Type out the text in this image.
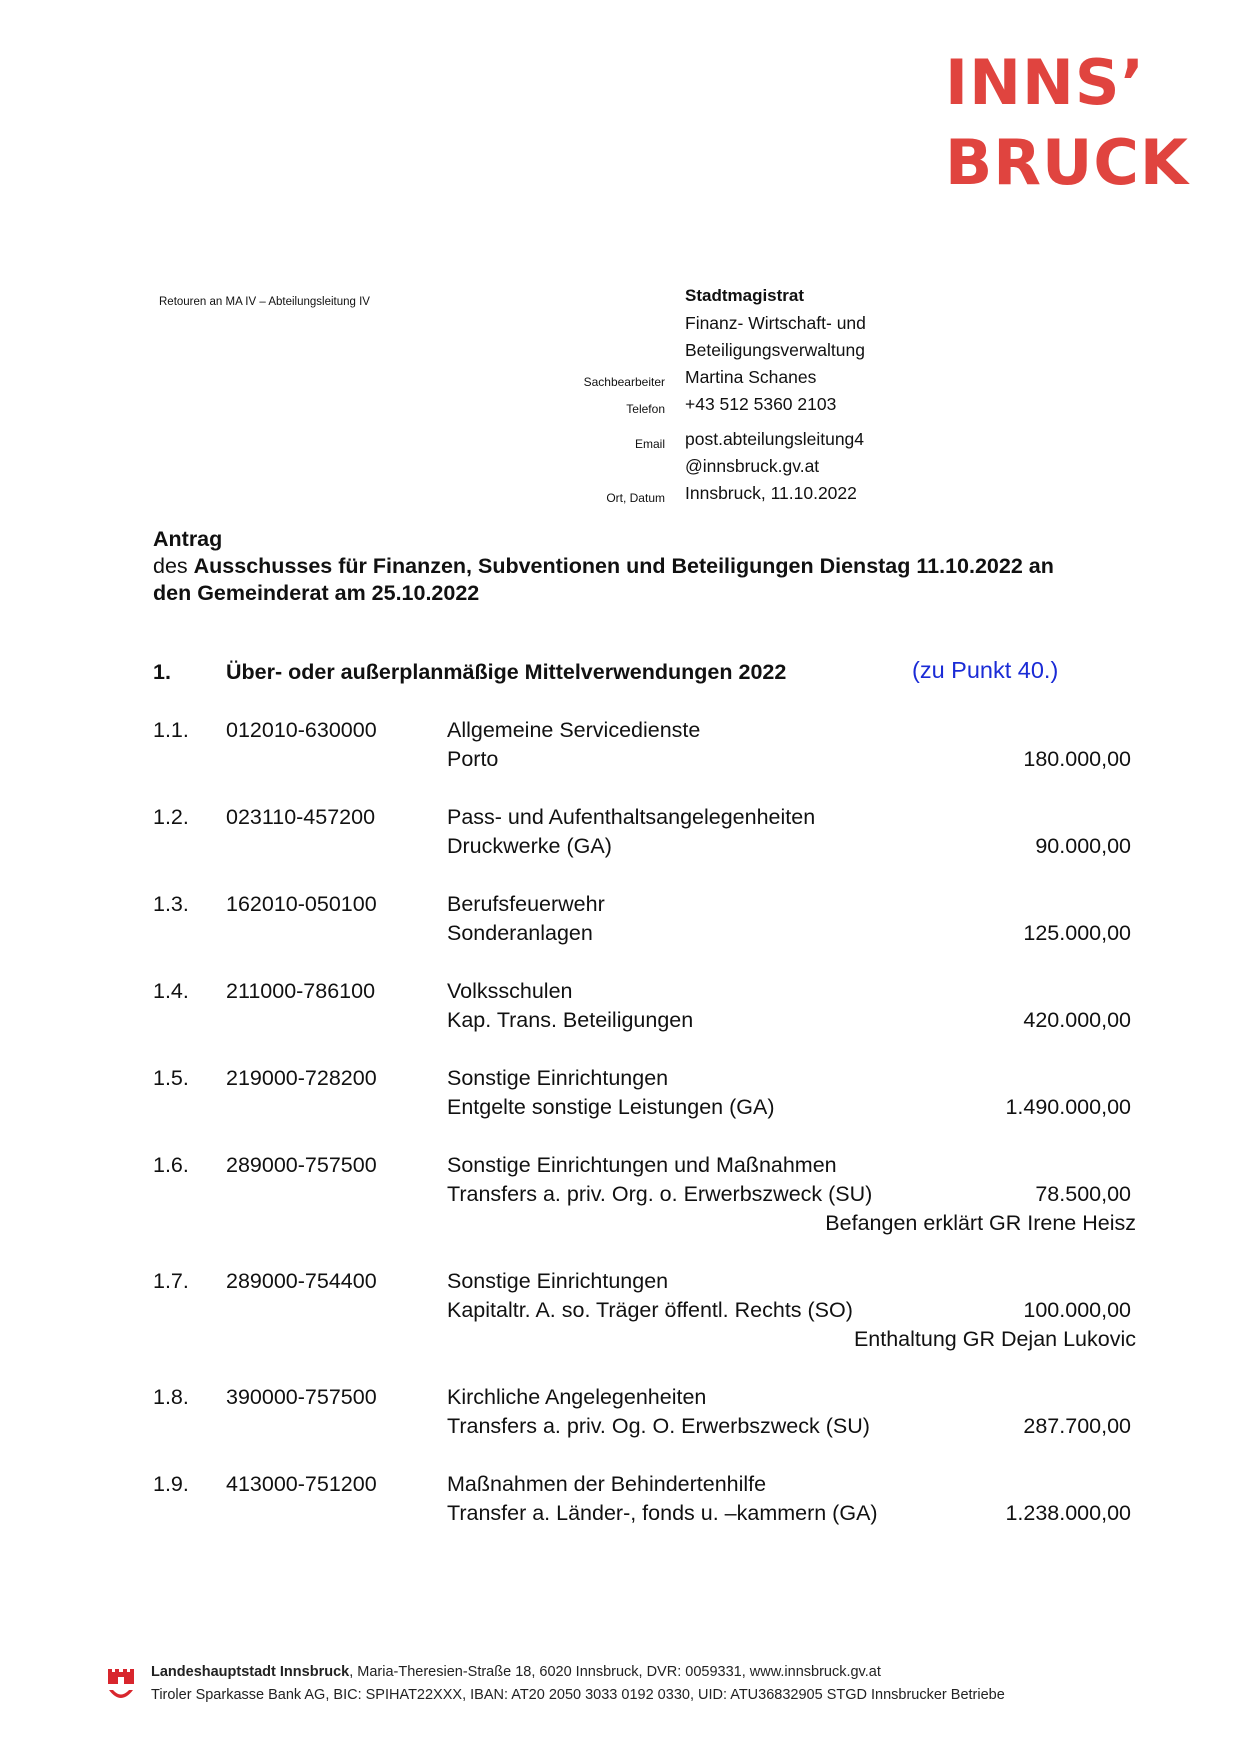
INNS’
BRUCK
Retouren an MA IV – Abteilungsleitung IV	Stadtmagistrat
Finanz- Wirtschaft- und
Beteiligungsverwaltung
Sachbearbeiter Martina Schanes
Telefon +43 512 5360 2103
Email post.abteilungsleitung4
@innsbruck.gv.at
Ort, Datum Innsbruck, 11.10.2022
Antrag
des Ausschusses für Finanzen, Subventionen und Beteiligungen Dienstag 11.10.2022 an
den Gemeinderat am 25.10.2022
1.	Über- oder außerplanmäßige Mittelverwendungen 2022	(zu Punkt 40.)
1.1. 012010-630000	Allgemeine Servicedienste
Porto	180.000,00
1.2. 023110-457200	Pass- und Aufenthaltsangelegenheiten
Druckwerke (GA)	90.000,00
1.3. 162010-050100	Berufsfeuerwehr
Sonderanlagen	125.000,00
1.4. 211000-786100	Volksschulen
Kap. Trans. Beteiligungen	420.000,00
1.5. 219000-728200	Sonstige Einrichtungen
Entgelte sonstige Leistungen (GA)	1.490.000,00
1.6. 289000-757500	Sonstige Einrichtungen und Maßnahmen
Transfers a. priv. Org. o. Erwerbszweck (SU)	78.500,00
Befangen erklärt GR Irene Heisz
1.7. 289000-754400	Sonstige Einrichtungen
Kapitaltr. A. so. Träger öffentl. Rechts (SO)	100.000,00
Enthaltung GR Dejan Lukovic
1.8. 390000-757500	Kirchliche Angelegenheiten
Transfers a. priv. Og. O. Erwerbszweck (SU)	287.700,00
1.9. 413000-751200	Maßnahmen der Behindertenhilfe
Transfer a. Länder-, fonds u. –kammern (GA)	1.238.000,00
Landeshauptstadt Innsbruck, Maria-Theresien-Straße 18, 6020 Innsbruck, DVR: 0059331, www.innsbruck.gv.at
Tiroler Sparkasse Bank AG, BIC: SPIHAT22XXX, IBAN: AT20 2050 3033 0192 0330, UID: ATU36832905 STGD Innsbrucker Betriebe
